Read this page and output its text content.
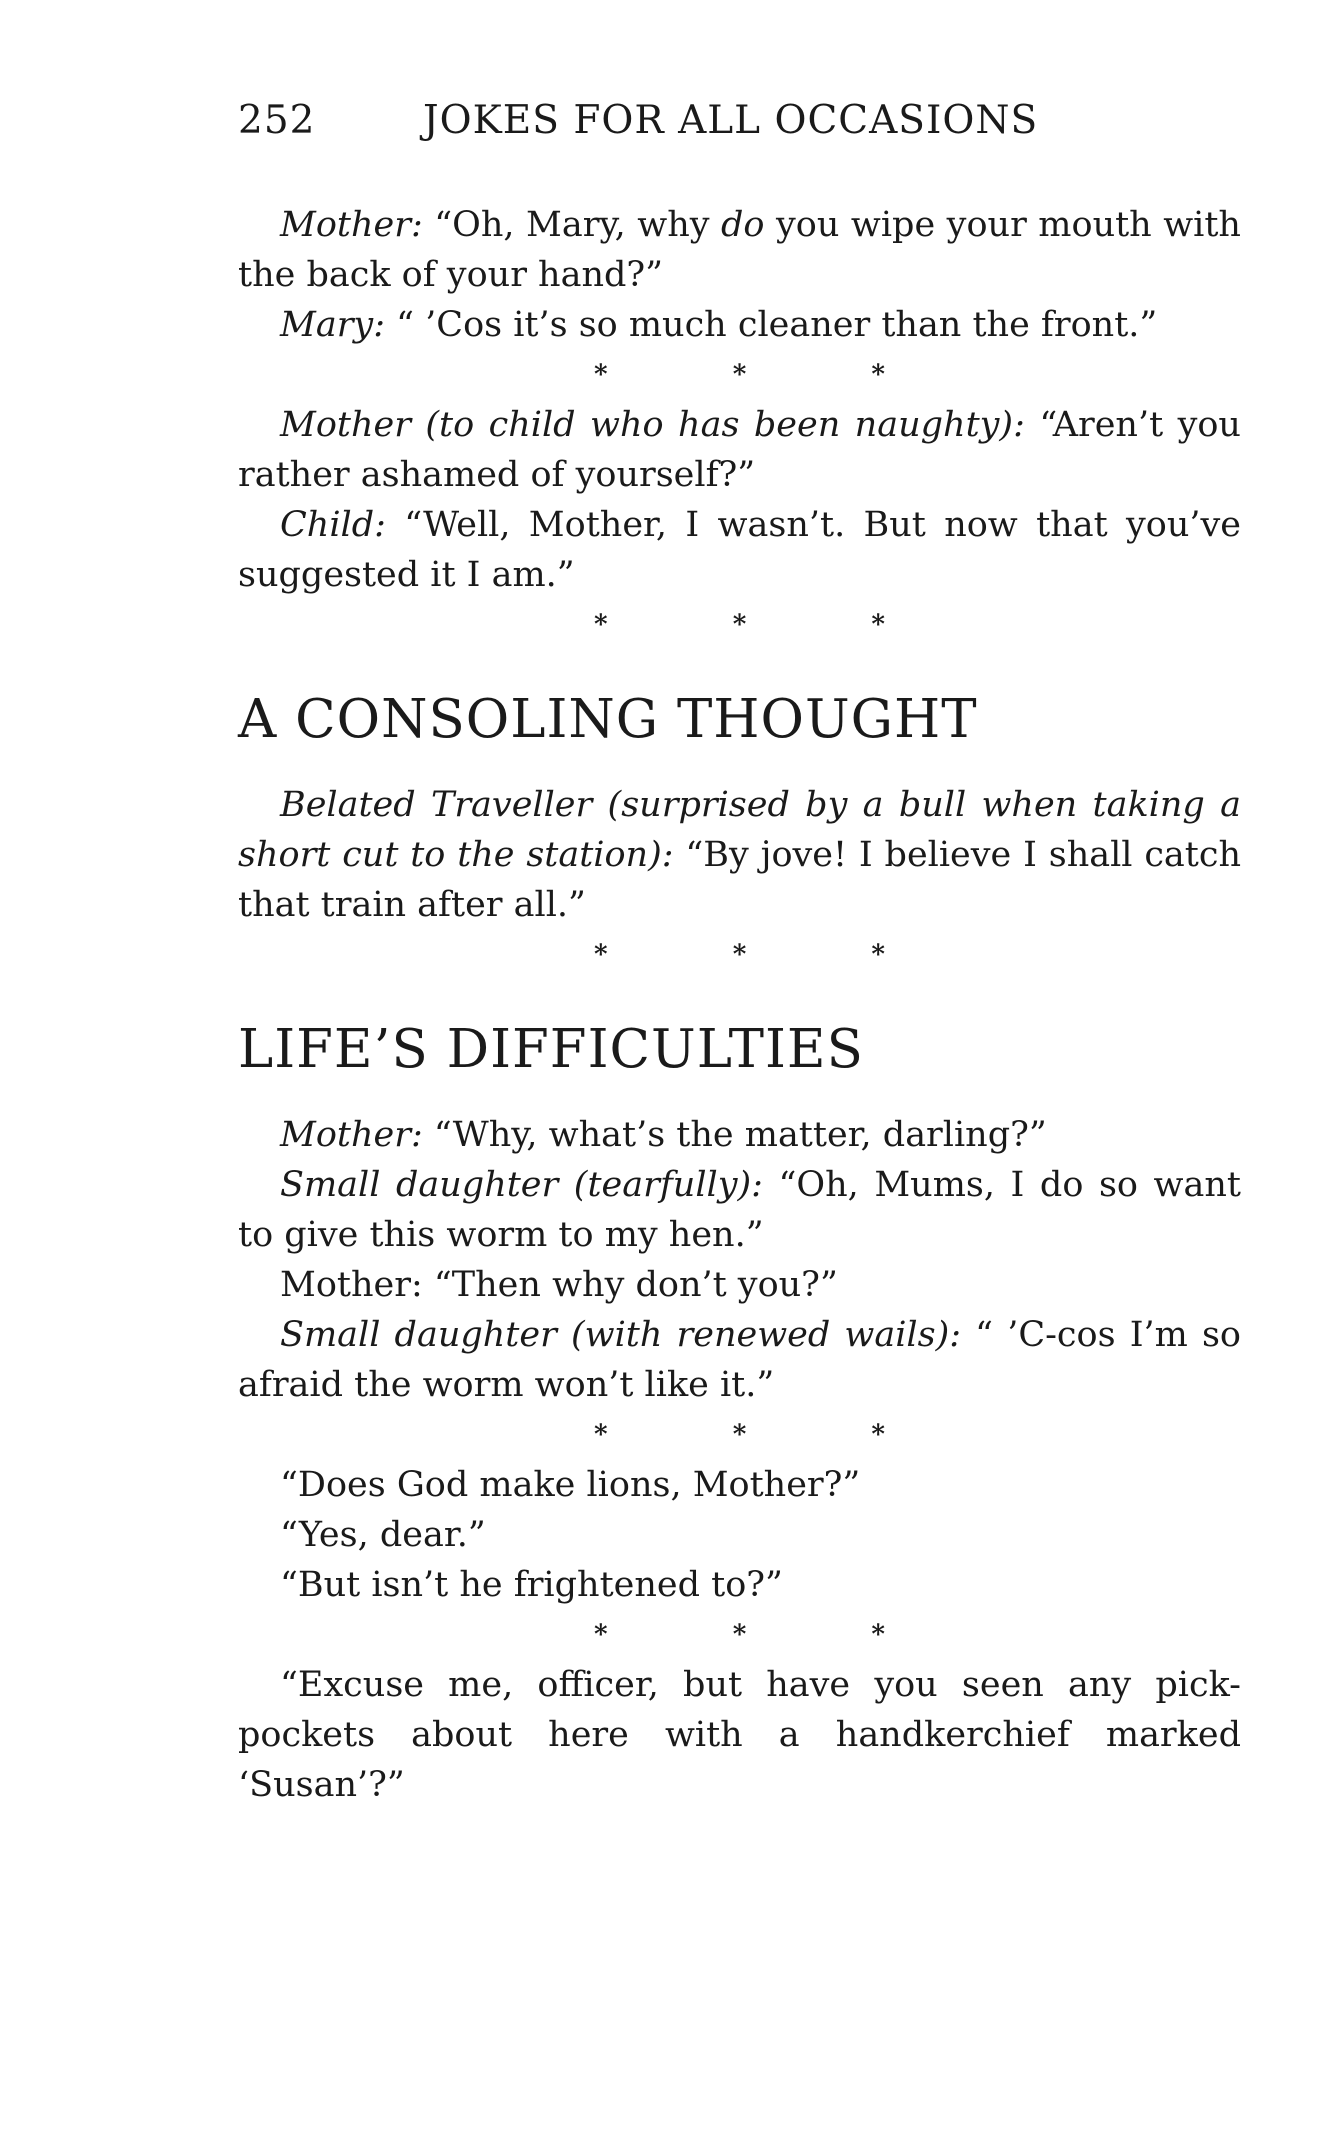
252	JOKES FOR ALL OCCASIONS

Mother: “Oh, Mary, why do you wipe your mouth with the back of your hand?”

Mary: “ ’Cos it’s so much cleaner than the front.”

* * *

Mother (to child who has been naughty): “Aren’t you rather ashamed of yourself?”

Child: “Well, Mother, I wasn’t. But now that you’ve suggested it I am.”

* * *
A CONSOLING THOUGHT

Belated Traveller (surprised by a bull when taking a short cut to the station): “By jove! I believe I shall catch that train after all.”

* * *
LIFE’S DIFFICULTIES

Mother: “Why, what’s the matter, darling?”

Small daughter (tearfully): “Oh, Mums, I do so want to give this worm to my hen.”

Mother: “Then why don’t you?”

Small daughter (with renewed wails): “ ’C-cos I’m so afraid the worm won’t like it.”

* * *

“Does God make lions, Mother?”

“Yes, dear.”

“But isn’t he frightened to?”

* * *

“Excuse me, officer, but have you seen any pick-pockets about here with a handkerchief marked ‘Susan’?”
